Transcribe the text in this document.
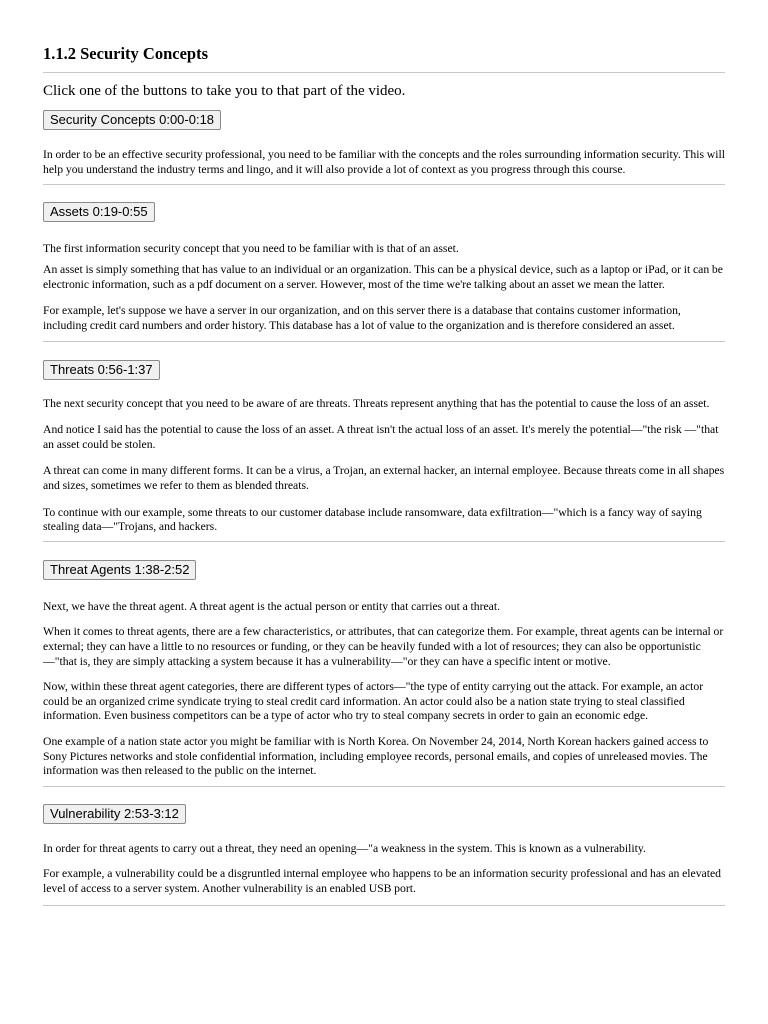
1.1.2 Security Concepts

Click one of the buttons to take you to that part of the video.

Security Concepts 0:00-0:18

In order to be an effective security professional, you need to be familiar with the concepts and the roles surrounding information security. This will help you understand the industry terms and lingo, and it will also provide a lot of context as you progress through this course.

Assets 0:19-0:55

The first information security concept that you need to be familiar with is that of an asset.

An asset is simply something that has value to an individual or an organization. This can be a physical device, such as a laptop or iPad, or it can be electronic information, such as a pdf document on a server. However, most of the time we're talking about an asset we mean the latter.

For example, let's suppose we have a server in our organization, and on this server there is a database that contains customer information, including credit card numbers and order history. This database has a lot of value to the organization and is therefore considered an asset.

Threats 0:56-1:37

The next security concept that you need to be aware of are threats. Threats represent anything that has the potential to cause the loss of an asset.

And notice I said has the potential to cause the loss of an asset. A threat isn't the actual loss of an asset. It's merely the potential—"the risk —"that an asset could be stolen.

A threat can come in many different forms. It can be a virus, a Trojan, an external hacker, an internal employee. Because threats come in all shapes and sizes, sometimes we refer to them as blended threats.

To continue with our example, some threats to our customer database include ransomware, data exfiltration—"which is a fancy way of saying stealing data—"Trojans, and hackers.

Threat Agents 1:38-2:52

Next, we have the threat agent. A threat agent is the actual person or entity that carries out a threat.

When it comes to threat agents, there are a few characteristics, or attributes, that can categorize them. For example, threat agents can be internal or external; they can have a little to no resources or funding, or they can be heavily funded with a lot of resources; they can also be opportunistic—"that is, they are simply attacking a system because it has a vulnerability—"or they can have a specific intent or motive.

Now, within these threat agent categories, there are different types of actors—"the type of entity carrying out the attack. For example, an actor could be an organized crime syndicate trying to steal credit card information. An actor could also be a nation state trying to steal classified information. Even business competitors can be a type of actor who try to steal company secrets in order to gain an economic edge.

One example of a nation state actor you might be familiar with is North Korea. On November 24, 2014, North Korean hackers gained access to Sony Pictures networks and stole confidential information, including employee records, personal emails, and copies of unreleased movies. The information was then released to the public on the internet.

Vulnerability 2:53-3:12

In order for threat agents to carry out a threat, they need an opening—"a weakness in the system. This is known as a vulnerability.

For example, a vulnerability could be a disgruntled internal employee who happens to be an information security professional and has an elevated level of access to a server system. Another vulnerability is an enabled USB port.
